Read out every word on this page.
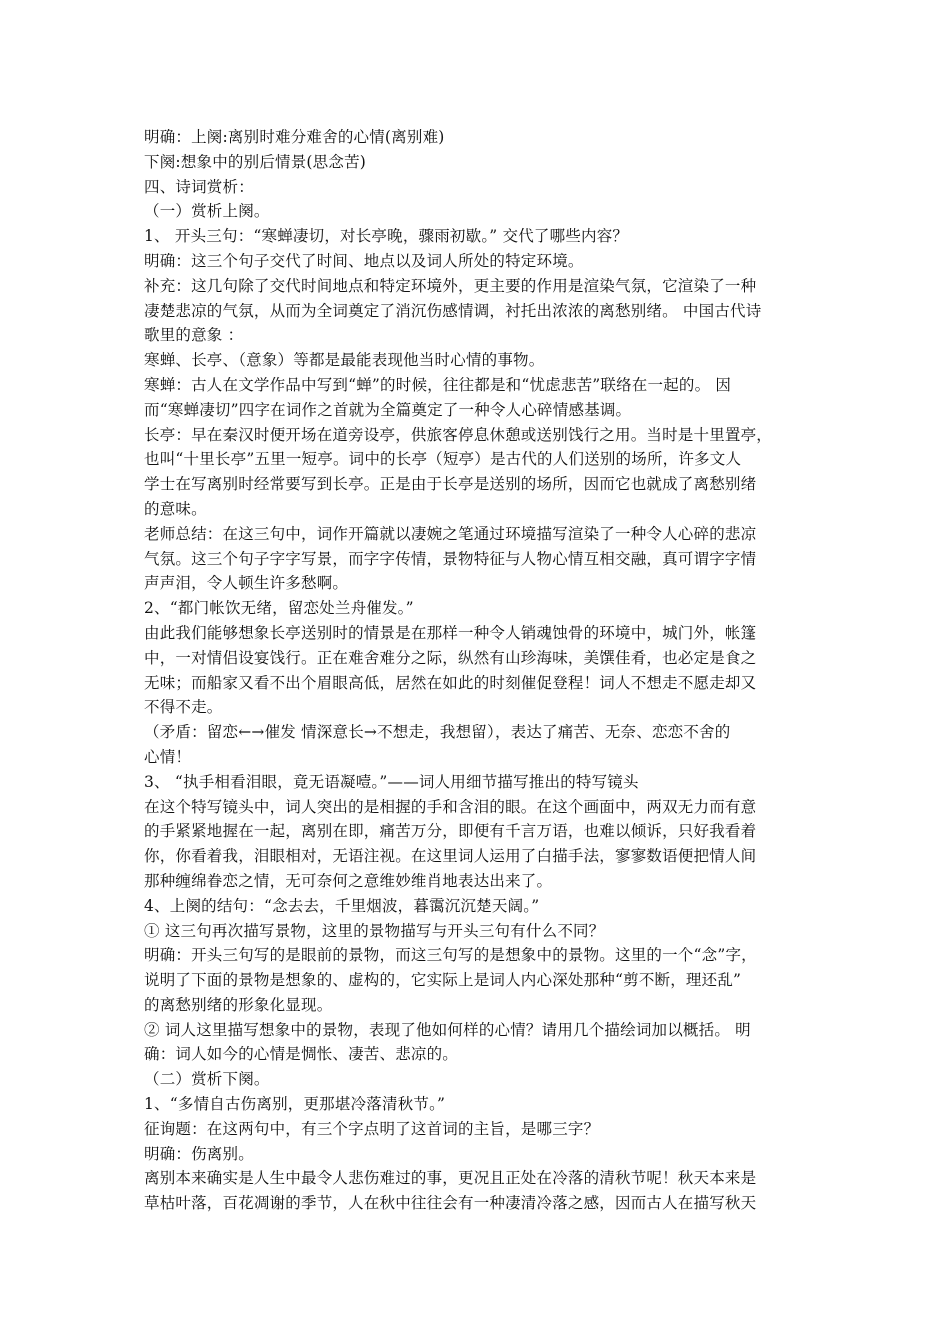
明确：上阕:离别时难分难舍的心情(离别难)
下阕:想象中的别后情景(思念苦)
四、诗词赏析：
（一）赏析上阕。
1、 开头三句：“寒蝉凄切，对长亭晚，骤雨初歇。” 交代了哪些内容？
明确：这三个句子交代了时间、地点以及词人所处的特定环境。
补充：这几句除了交代时间地点和特定环境外，更主要的作用是渲染气氛，它渲染了一种
凄楚悲凉的气氛，从而为全词奠定了消沉伤感情调，衬托出浓浓的离愁别绪。 中国古代诗
歌里的意象 ：
寒蝉、长亭、（意象）等都是最能表现他当时心情的事物。
寒蝉：古人在文学作品中写到“蝉”的时候，往往都是和“忧虑悲苦”联络在一起的。 因
而“寒蝉凄切”四字在词作之首就为全篇奠定了一种令人心碎情感基调。
长亭：早在秦汉时便开场在道旁设亭，供旅客停息休憩或送别饯行之用。当时是十里置亭，
也叫“十里长亭”五里一短亭。词中的长亭（短亭）是古代的人们送别的场所，许多文人
学士在写离别时经常要写到长亭。正是由于长亭是送别的场所，因而它也就成了离愁别绪
的意味。
老师总结：在这三句中，词作开篇就以凄婉之笔通过环境描写渲染了一种令人心碎的悲凉
气氛。这三个句子字字写景，而字字传情，景物特征与人物心情互相交融，真可谓字字情
声声泪，令人顿生许多愁啊。
2、“都门帐饮无绪，留恋处兰舟催发。”
由此我们能够想象长亭送别时的情景是在那样一种令人销魂蚀骨的环境中，城门外，帐篷
中，一对情侣设宴饯行。正在难舍难分之际，纵然有山珍海味，美馔佳肴，也必定是食之
无味；而船家又看不出个眉眼高低，居然在如此的时刻催促登程！词人不想走不愿走却又
不得不走。
（矛盾：留恋←→催发 情深意长→不想走，我想留），表达了痛苦、无奈、恋恋不舍的
心情！
3、 “执手相看泪眼，竟无语凝噎。”——词人用细节描写推出的特写镜头
在这个特写镜头中，词人突出的是相握的手和含泪的眼。在这个画面中，两双无力而有意
的手紧紧地握在一起，离别在即，痛苦万分，即便有千言万语，也难以倾诉，只好我看着
你，你看着我，泪眼相对，无语注视。在这里词人运用了白描手法，寥寥数语便把情人间
那种缠绵眷恋之情，无可奈何之意维妙维肖地表达出来了。
4、上阕的结句：“念去去，千里烟波，暮霭沉沉楚天阔。”
① 这三句再次描写景物，这里的景物描写与开头三句有什么不同？
明确：开头三句写的是眼前的景物，而这三句写的是想象中的景物。这里的一个“念”字，
说明了下面的景物是想象的、虚构的，它实际上是词人内心深处那种“剪不断，理还乱”
的离愁别绪的形象化显现。
② 词人这里描写想象中的景物，表现了他如何样的心情？请用几个描绘词加以概括。 明
确：词人如今的心情是惆怅、凄苦、悲凉的。
（二）赏析下阕。
1、“多情自古伤离别，更那堪冷落清秋节。”
征询题：在这两句中，有三个字点明了这首词的主旨，是哪三字？
明确：伤离别。
离别本来确实是人生中最令人悲伤难过的事，更况且正处在冷落的清秋节呢！秋天本来是
草枯叶落，百花凋谢的季节，人在秋中往往会有一种凄清冷落之感，因而古人在描写秋天
